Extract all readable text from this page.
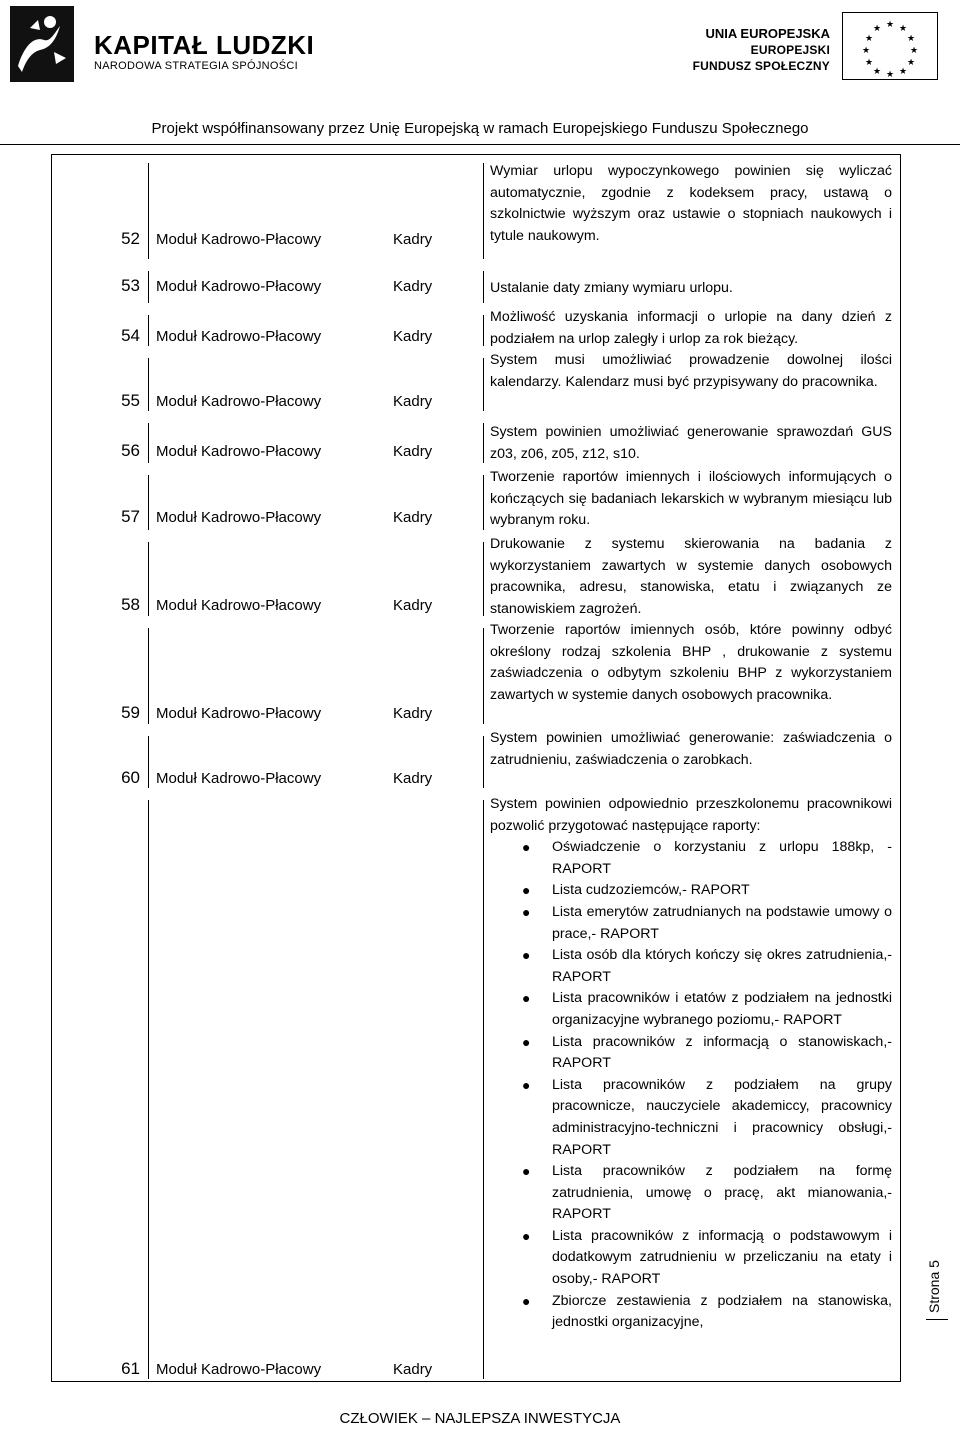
KAPITAŁ LUDZKI
NARODOWA STRATEGIA SPÓJNOŚCI
UNIA EUROPEJSKA
EUROPEJSKI
FUNDUSZ SPOŁECZNY
★ ★
★
★
★
★
★
★
★
★
★
★
Projekt współfinansowany przez Unię Europejską w ramach Europejskiego Funduszu Społecznego
52 Moduł Kadrowo-Płacowy	Kadry
Wymiar urlopu wypoczynkowego powinien się wyliczać automatycznie, zgodnie z kodeksem pracy, ustawą o szkolnictwie wyższym oraz ustawie o stopniach naukowych i tytule naukowym.
53 Moduł Kadrowo-Płacowy	Kadry	Ustalanie daty zmiany wymiaru urlopu.
54 Moduł Kadrowo-Płacowy	Kadry
Możliwość uzyskania informacji o urlopie na dany dzień z podziałem na urlop zaległy i urlop za rok bieżący.
55 Moduł Kadrowo-Płacowy	Kadry
System musi umożliwiać prowadzenie dowolnej ilości kalendarzy. Kalendarz musi być przypisywany do pracownika.
56 Moduł Kadrowo-Płacowy	Kadry
System powinien umożliwiać generowanie sprawozdań GUS z03, z06, z05, z12, s10.
57 Moduł Kadrowo-Płacowy	Kadry
Tworzenie raportów imiennych i ilościowych informujących o kończących się badaniach lekarskich w wybranym miesiącu lub wybranym roku.
58 Moduł Kadrowo-Płacowy	Kadry
Drukowanie z systemu skierowania na badania z wykorzystaniem zawartych w systemie danych osobowych pracownika, adresu, stanowiska, etatu i związanych ze stanowiskiem zagrożeń.
59 Moduł Kadrowo-Płacowy	Kadry
Tworzenie raportów imiennych osób, które powinny odbyć określony rodzaj szkolenia BHP , drukowanie z systemu zaświadczenia o odbytym szkoleniu BHP z wykorzystaniem zawartych w systemie danych osobowych pracownika.
60 Moduł Kadrowo-Płacowy	Kadry
System powinien umożliwiać generowanie: zaświadczenia o zatrudnieniu, zaświadczenia o zarobkach.
61 Moduł Kadrowo-Płacowy	Kadry
System powinien odpowiednio przeszkolonemu pracownikowi pozwolić przygotować następujące raporty:
● Oświadczenie o korzystaniu z urlopu 188kp, - RAPORT
● Lista cudzoziemców,- RAPORT
● Lista emerytów zatrudnianych na podstawie umowy o prace,- RAPORT
● Lista osób dla których kończy się okres zatrudnienia,- RAPORT
● Lista pracowników i etatów z podziałem na jednostki organizacyjne wybranego poziomu,- RAPORT
● Lista pracowników z informacją o stanowiskach,- RAPORT
● Lista pracowników z podziałem na grupy pracownicze, nauczyciele akademiccy, pracownicy administracyjno-techniczni i pracownicy obsługi,- RAPORT
● Lista pracowników z podziałem na formę zatrudnienia, umowę o pracę, akt mianowania,- RAPORT
● Lista pracowników z informacją o podstawowym i dodatkowym zatrudnieniu w przeliczaniu na etaty i osoby,- RAPORT
● Zbiorcze zestawienia z podziałem na stanowiska, jednostki organizacyjne,
CZŁOWIEK – NAJLEPSZA INWESTYCJA
Strona 5
